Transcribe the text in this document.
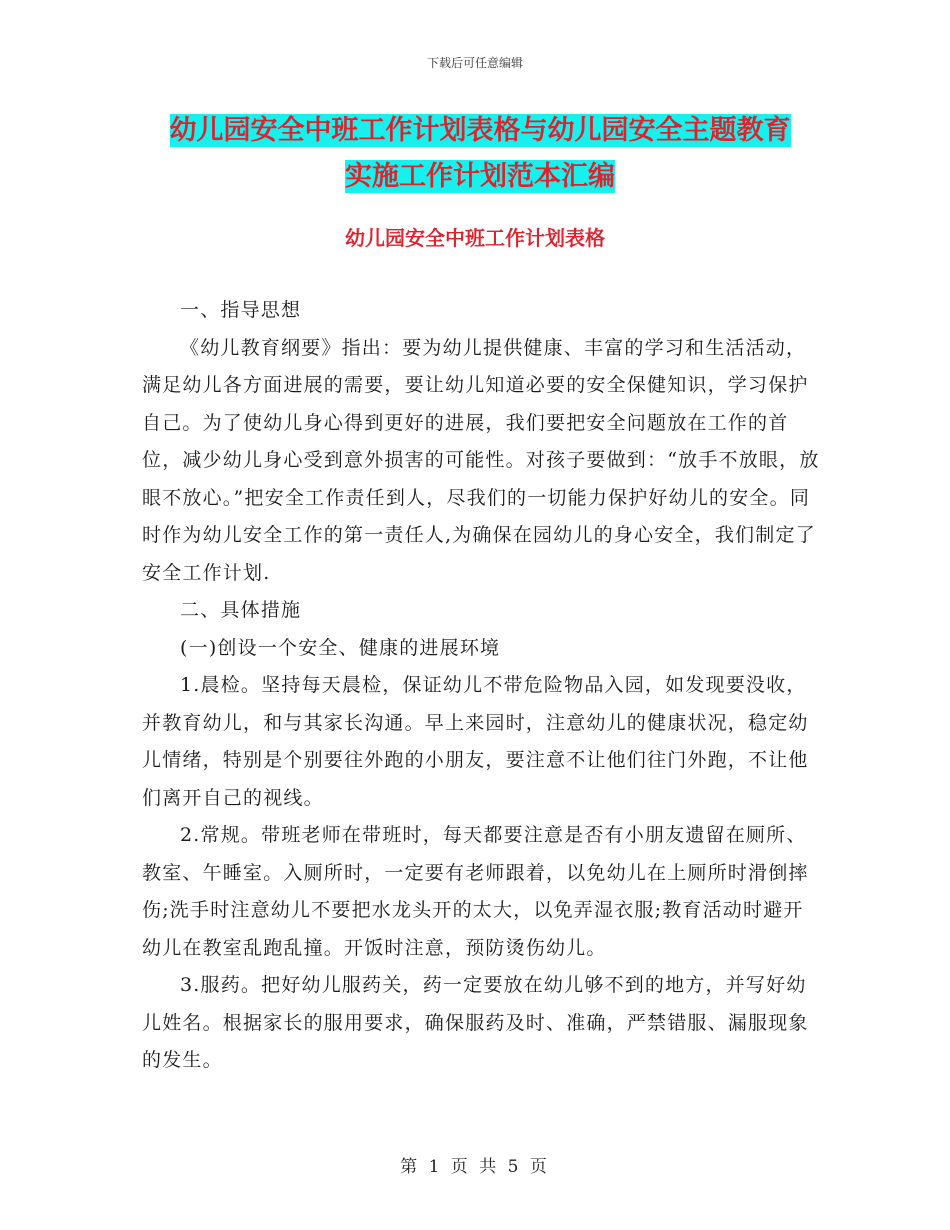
下载后可任意编辑
幼儿园安全中班工作计划表格与幼儿园安全主题教育
实施工作计划范本汇编
幼儿园安全中班工作计划表格

一、指导思想

《幼儿教育纲要》指出：要为幼儿提供健康、丰富的学习和生活活动，满足幼儿各方面进展的需要，要让幼儿知道必要的安全保健知识，学习保护自己。为了使幼儿身心得到更好的进展，我们要把安全问题放在工作的首位，减少幼儿身心受到意外损害的可能性。对孩子要做到：“放手不放眼，放眼不放心。”把安全工作责任到人，尽我们的一切能力保护好幼儿的安全。同时作为幼儿安全工作的第一责任人,为确保在园幼儿的身心安全，我们制定了安全工作计划.

二、具体措施

(一)创设一个安全、健康的进展环境

1.晨检。坚持每天晨检，保证幼儿不带危险物品入园，如发现要没收，并教育幼儿，和与其家长沟通。早上来园时，注意幼儿的健康状况，稳定幼儿情绪，特别是个别要往外跑的小朋友，要注意不让他们往门外跑，不让他们离开自己的视线。

2.常规。带班老师在带班时，每天都要注意是否有小朋友遗留在厕所、教室、午睡室。入厕所时，一定要有老师跟着，以免幼儿在上厕所时滑倒摔伤;洗手时注意幼儿不要把水龙头开的太大，以免弄湿衣服;教育活动时避开幼儿在教室乱跑乱撞。开饭时注意，预防烫伤幼儿。

3.服药。把好幼儿服药关，药一定要放在幼儿够不到的地方，并写好幼儿姓名。根据家长的服用要求，确保服药及时、准确，严禁错服、漏服现象的发生。

第 1 页 共 5 页
